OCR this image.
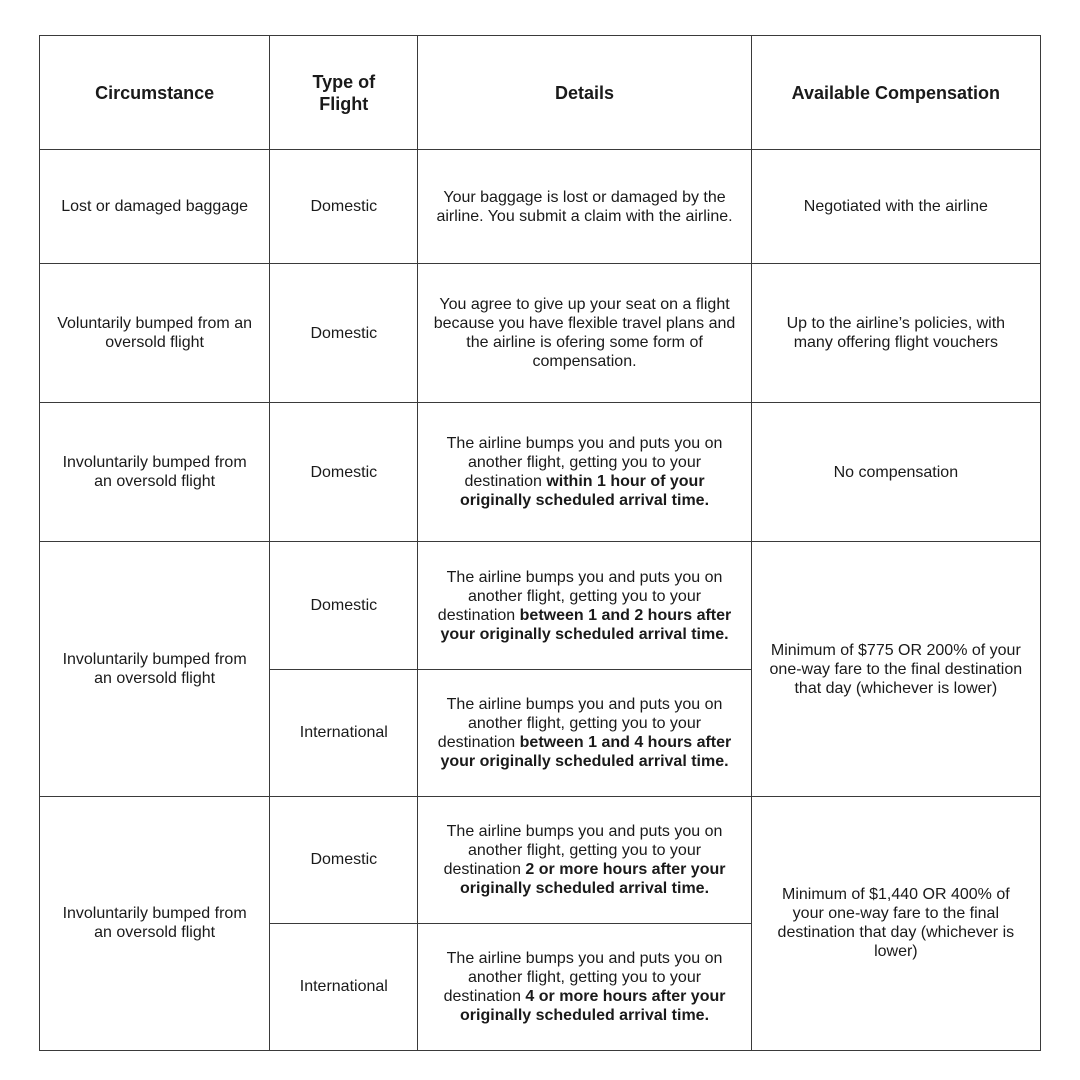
Circumstance	Type of Flight	Details	Available Compensation
Lost or damaged baggage	Domestic	Your baggage is lost or damaged by the airline. You submit a claim with the airline.	Negotiated with the airline
Voluntarily bumped from an oversold flight	Domestic	You agree to give up your seat on a flight because you have flexible travel plans and the airline is ofering some form of compensation.	Up to the airline’s policies, with many offering flight vouchers
Involuntarily bumped from an oversold flight	Domestic	The airline bumps you and puts you on another flight, getting you to your destination within 1 hour of your originally scheduled arrival time.	No compensation
Involuntarily bumped from an oversold flight	Domestic	The airline bumps you and puts you on another flight, getting you to your destination between 1 and 2 hours after your originally scheduled arrival time.	Minimum of $775 OR 200% of your one-way fare to the final destination that day (whichever is lower)
	International	The airline bumps you and puts you on another flight, getting you to your destination between 1 and 4 hours after your originally scheduled arrival time.	
Involuntarily bumped from an oversold flight	Domestic	The airline bumps you and puts you on another flight, getting you to your destination 2 or more hours after your originally scheduled arrival time.	Minimum of $1,440 OR 400% of your one-way fare to the final destination that day (whichever is lower)
	International	The airline bumps you and puts you on another flight, getting you to your destination 4 or more hours after your originally scheduled arrival time.	
